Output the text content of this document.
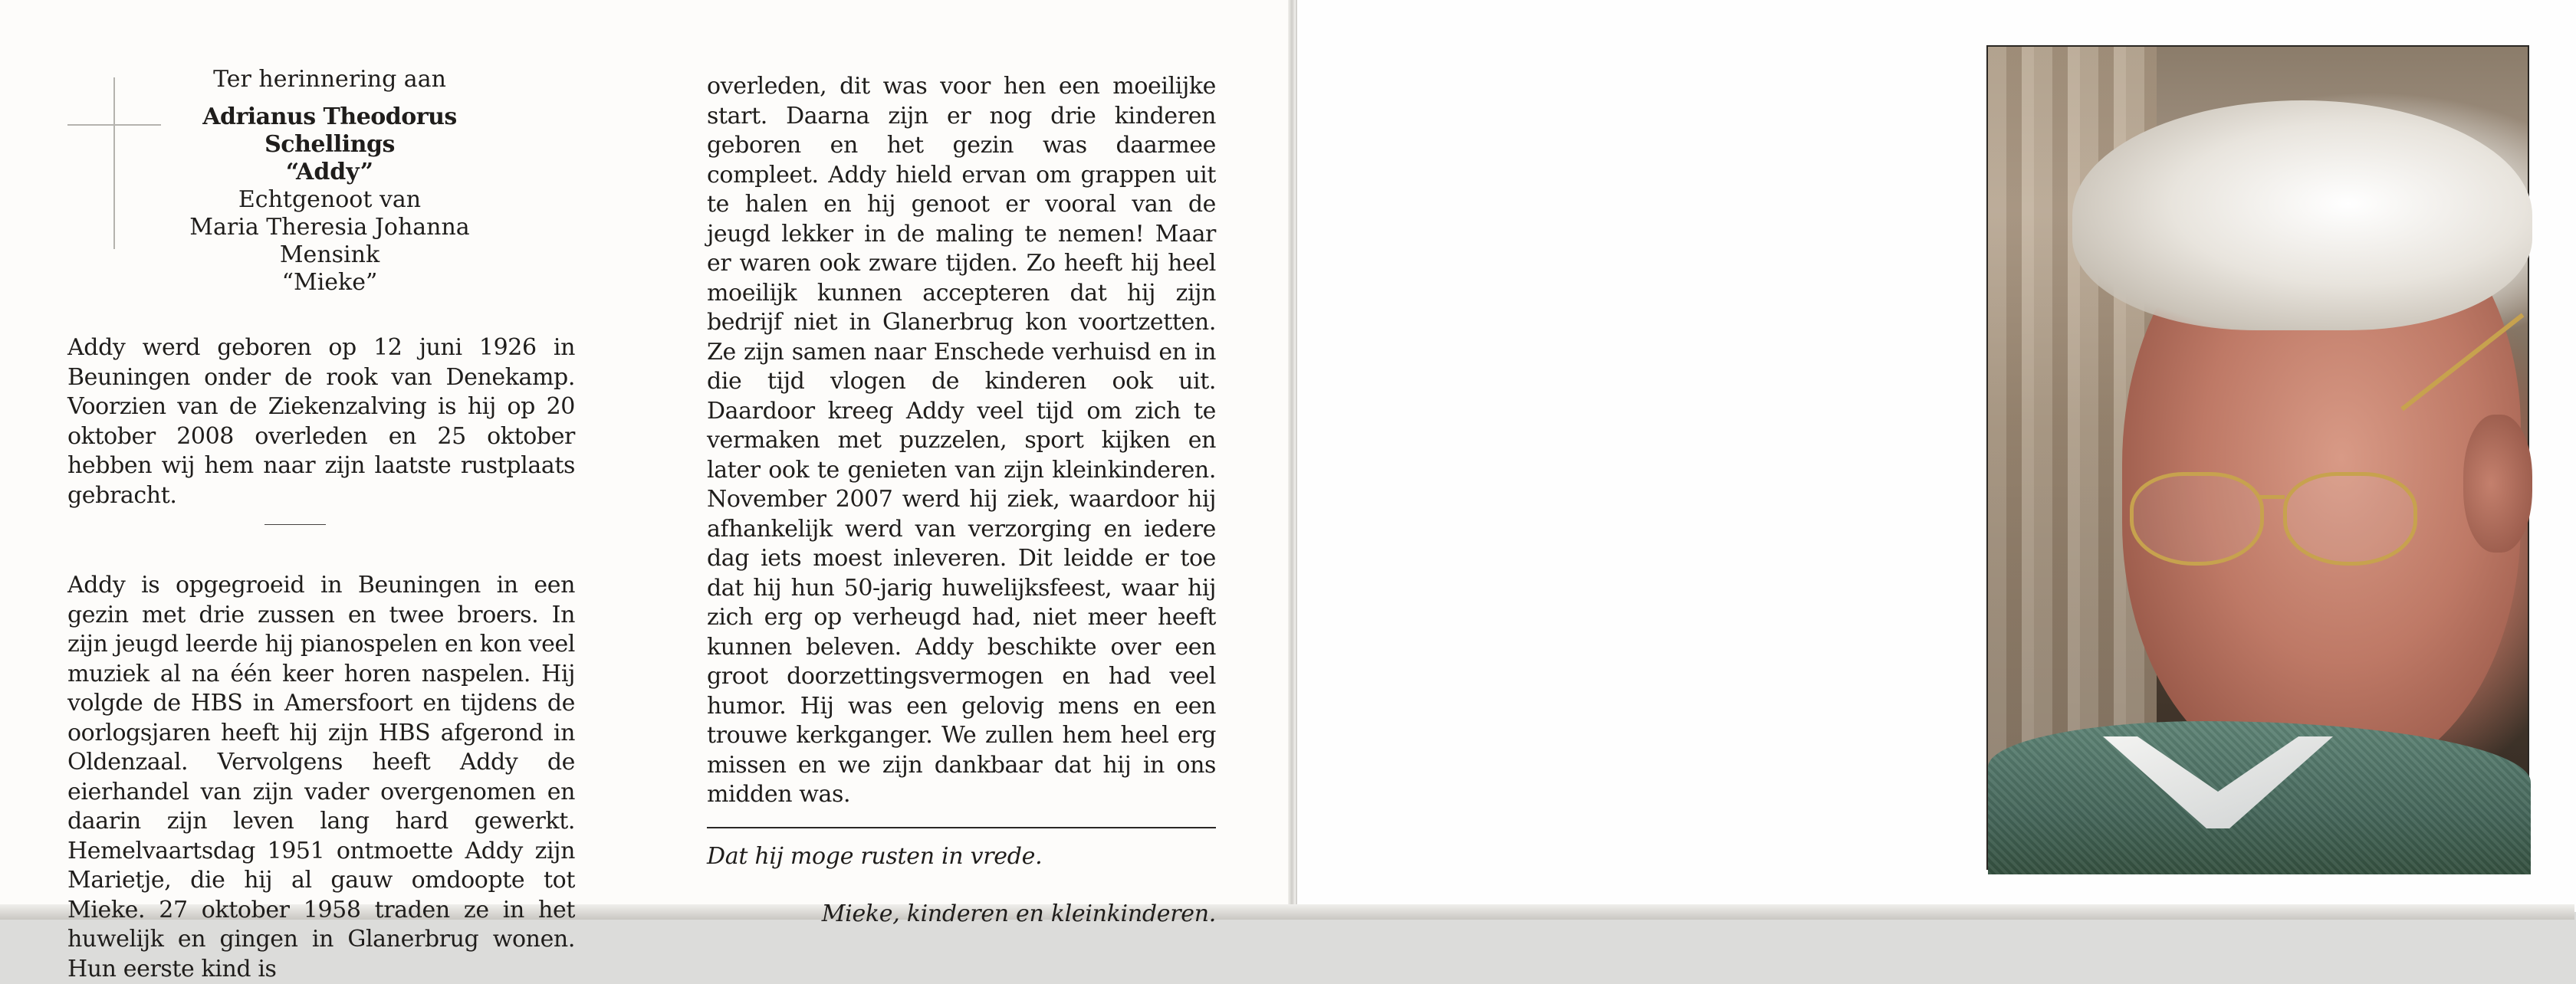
Ter herinnering aan
Adrianus Theodorus Schellings
“Addy”
Echtgenoot van
Maria Theresia Johanna Mensink
“Mieke”

Addy werd geboren op 12 juni 1926 in Beuningen onder de rook van Denekamp. Voorzien van de Ziekenzalving is hij op 20 oktober 2008 overleden en 25 oktober hebben wij hem naar zijn laatste rustplaats gebracht.

Addy is opgegroeid in Beuningen in een gezin met drie zussen en twee broers. In zijn jeugd leerde hij pianospelen en kon veel muziek al na één keer horen naspelen. Hij volgde de HBS in Amersfoort en tijdens de oorlogsjaren heeft hij zijn HBS afgerond in Oldenzaal. Vervolgens heeft Addy de eierhandel van zijn vader overgenomen en daarin zijn leven lang hard gewerkt. Hemelvaartsdag 1951 ontmoette Addy zijn Marietje, die hij al gauw omdoopte tot Mieke. 27 oktober 1958 traden ze in het huwelijk en gingen in Glanerbrug wonen. Hun eerste kind is

overleden, dit was voor hen een moeilijke start. Daarna zijn er nog drie kinderen geboren en het gezin was daarmee compleet. Addy hield ervan om grappen uit te halen en hij genoot er vooral van de jeugd lekker in de maling te nemen! Maar er waren ook zware tijden. Zo heeft hij heel moeilijk kunnen accepteren dat hij zijn bedrijf niet in Glanerbrug kon voortzetten. Ze zijn samen naar Enschede verhuisd en in die tijd vlogen de kinderen ook uit. Daardoor kreeg Addy veel tijd om zich te vermaken met puzzelen, sport kijken en later ook te genieten van zijn kleinkinderen. November 2007 werd hij ziek, waardoor hij afhankelijk werd van verzorging en iedere dag iets moest inleveren. Dit leidde er toe dat hij hun 50-jarig huwelijksfeest, waar hij zich erg op verheugd had, niet meer heeft kunnen beleven. Addy beschikte over een groot doorzettingsvermogen en had veel humor. Hij was een gelovig mens en een trouwe kerkganger. We zullen hem heel erg missen en we zijn dankbaar dat hij in ons midden was.

Dat hij moge rusten in vrede.
Mieke, kinderen en kleinkinderen.
